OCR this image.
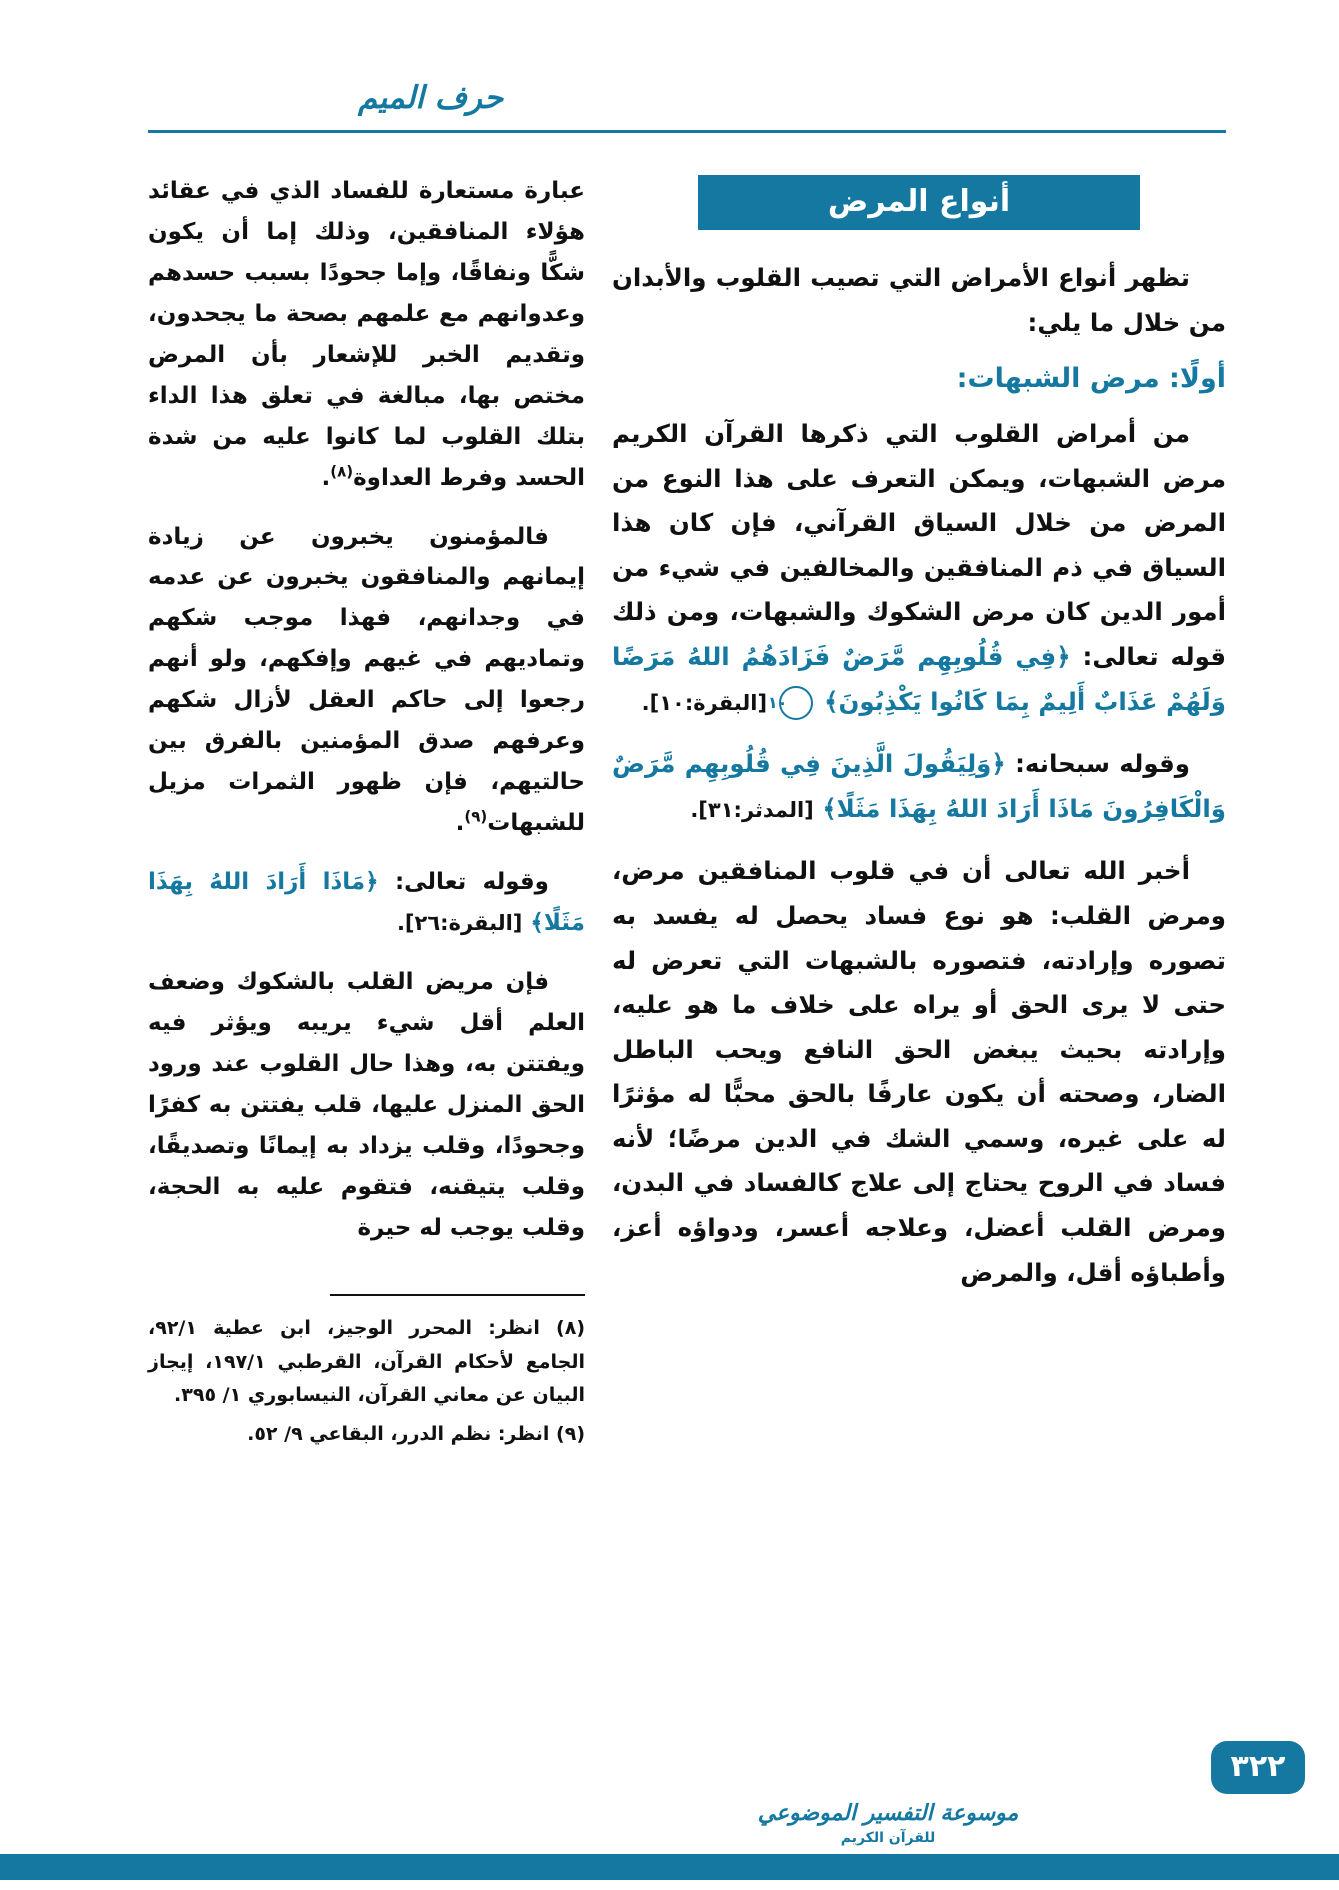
حرف الميم
أنواع المرض

تظهر أنواع الأمراض التي تصيب القلوب والأبدان من خلال ما يلي:

أولًا: مرض الشبهات:

من أمراض القلوب التي ذكرها القرآن الكريم مرض الشبهات، ويمكن التعرف على هذا النوع من المرض من خلال السياق القرآني، فإن كان هذا السياق في ذم المنافقين والمخالفين في شيء من أمور الدين كان مرض الشكوك والشبهات، ومن ذلك قوله تعالى: ﴿فِي قُلُوبِهِم مَّرَضٌ فَزَادَهُمُ اللهُ مَرَضًا وَلَهُمْ عَذَابٌ أَلِيمٌ بِمَا كَانُوا يَكْذِبُونَ﴾ ١٠ [البقرة:١٠].

وقوله سبحانه: ﴿وَلِيَقُولَ الَّذِينَ فِي قُلُوبِهِم مَّرَضٌ وَالْكَافِرُونَ مَاذَا أَرَادَ اللهُ بِهَذَا مَثَلًا﴾ [المدثر:٣١].

أخبر الله تعالى أن في قلوب المنافقين مرض، ومرض القلب: هو نوع فساد يحصل له يفسد به تصوره وإرادته، فتصوره بالشبهات التي تعرض له حتى لا يرى الحق أو يراه على خلاف ما هو عليه، وإرادته بحيث يبغض الحق النافع ويحب الباطل الضار، وصحته أن يكون عارفًا بالحق محبًّا له مؤثرًا له على غيره، وسمي الشك في الدين مرضًا؛ لأنه فساد في الروح يحتاج إلى علاج كالفساد في البدن، ومرض القلب أعضل، وعلاجه أعسر، ودواؤه أعز، وأطباؤه أقل، والمرض

عبارة مستعارة للفساد الذي في عقائد هؤلاء المنافقين، وذلك إما أن يكون شكًّا ونفاقًا، وإما جحودًا بسبب حسدهم وعدوانهم مع علمهم بصحة ما يجحدون، وتقديم الخبر للإشعار بأن المرض مختص بها، مبالغة في تعلق هذا الداء بتلك القلوب لما كانوا عليه من شدة الحسد وفرط العداوة$^{(٨)}$.

فالمؤمنون يخبرون عن زيادة إيمانهم والمنافقون يخبرون عن عدمه في وجدانهم، فهذا موجب شكهم وتماديهم في غيهم وإفكهم، ولو أنهم رجعوا إلى حاكم العقل لأزال شكهم وعرفهم صدق المؤمنين بالفرق بين حالتيهم، فإن ظهور الثمرات مزيل للشبهات$^{(٩)}$.

وقوله تعالى: ﴿مَاذَا أَرَادَ اللهُ بِهَذَا مَثَلًا﴾ [البقرة:٢٦].

فإن مريض القلب بالشكوك وضعف العلم أقل شيء يريبه ويؤثر فيه ويفتتن به، وهذا حال القلوب عند ورود الحق المنزل عليها، قلب يفتتن به كفرًا وجحودًا، وقلب يزداد به إيمانًا وتصديقًا، وقلب يتيقنه، فتقوم عليه به الحجة، وقلب يوجب له حيرة

(٨) انظر: المحرر الوجيز، ابن عطية ٩٢/١، الجامع لأحكام القرآن، القرطبي ١٩٧/١، إيجاز البيان عن معاني القرآن، النيسابوري ١/ ٣٩٥.

(٩) انظر: نظم الدرر، البقاعي ٩/ ٥٢.

موسوعة التفسير الموضوعي
للقرآن الكريم
٣٢٢
